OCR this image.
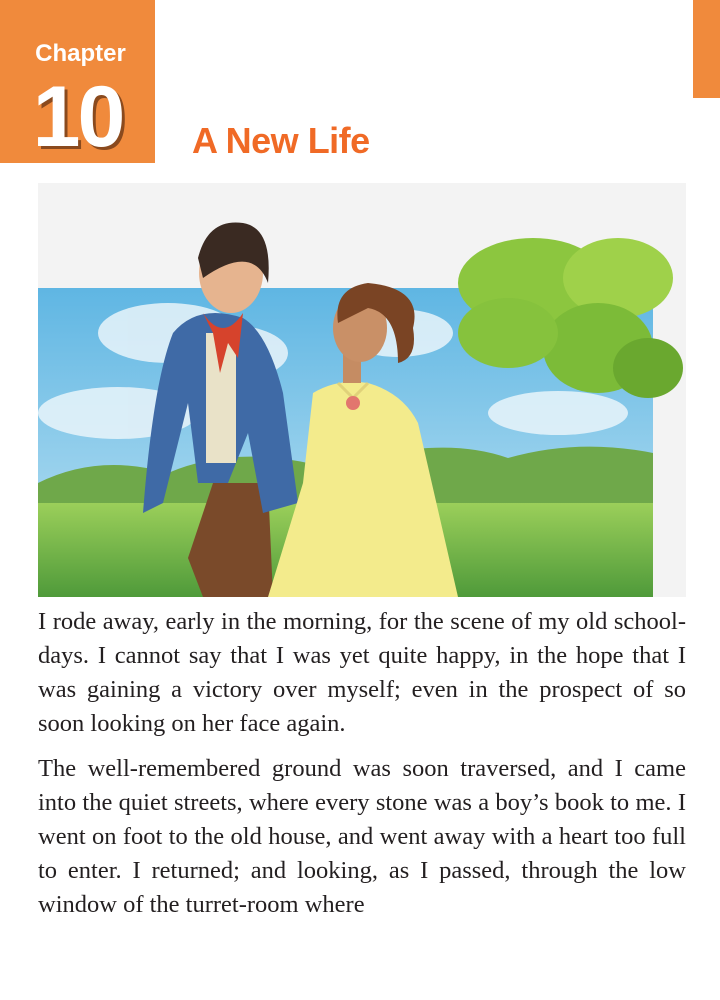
Chapter
10	A New Life

I rode away, early in the morning, for the scene of my old school-days. I cannot say that I was yet quite happy, in the hope that I was gaining a victory over myself; even in the prospect of so soon looking on her face again.

The well-remembered ground was soon traversed, and I came into the quiet streets, where every stone was a boy’s book to me. I went on foot to the old house, and went away with a heart too full to enter. I returned; and looking, as I passed, through the low window of the turret-room where
